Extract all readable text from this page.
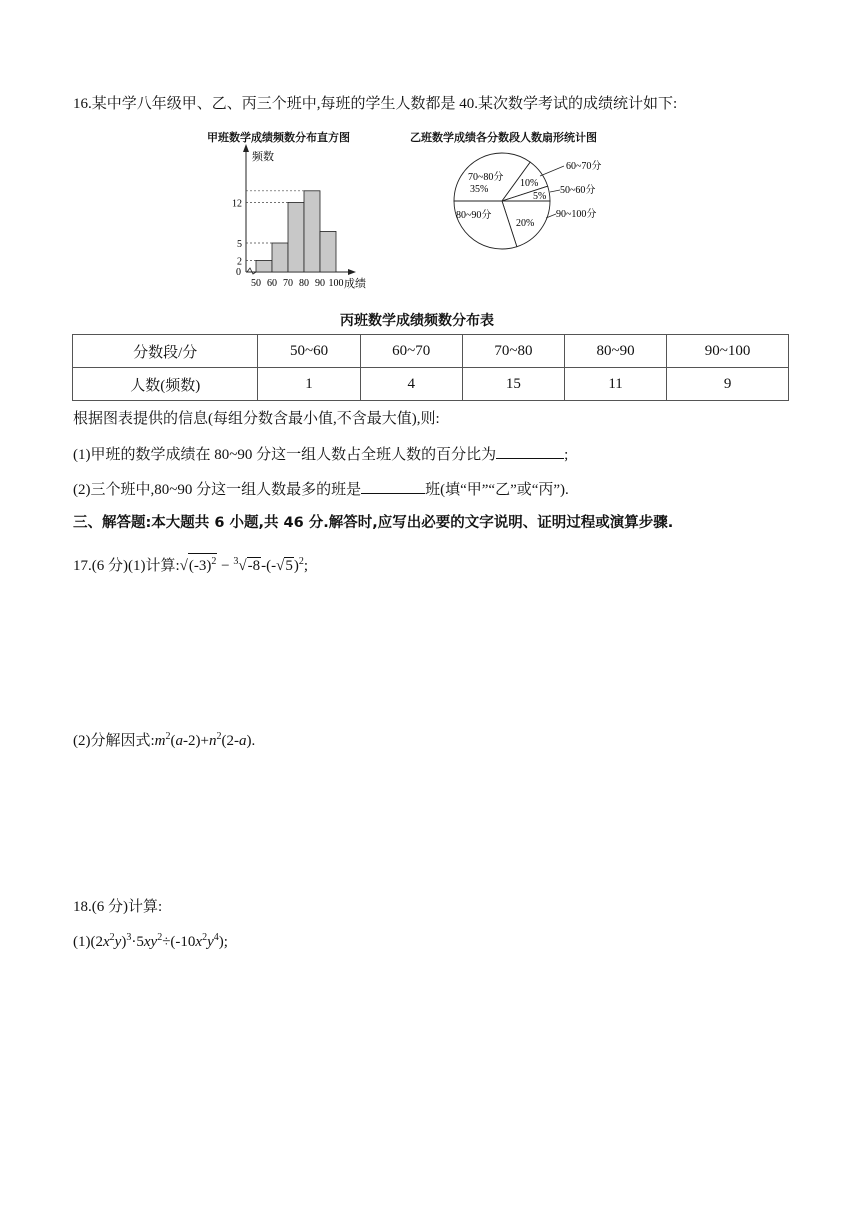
16.某中学八年级甲、乙、丙三个班中,每班的学生人数都是 40.某次数学考试的成绩统计如下:
甲班数学成绩频数分布直方图	乙班数学成绩各分数段人数扇形统计图
频数
成绩
2
5
12
0
50 60 70 80 90 100
70~80分
35%
10%
60~70分
5%
50~60分
20%
90~100分
80~90分
丙班数学成绩频数分布表
分数段/分	50~60	60~70	70~80	80~90	90~100
人数(频数)	1	4	15	11	9
根据图表提供的信息(每组分数含最小值,不含最大值),则:
(1)甲班的数学成绩在 80~90 分这一组人数占全班人数的百分比为	;
(2)三个班中,80~90 分这一组人数最多的班是	班(填“甲”“乙”或“丙”).
三、解答题:本大题共 6 小题,共 46 分.解答时,应写出必要的文字说明、证明过程或演算步骤.
17.(6 分)(1)计算$:√(-3)^2 - ^3√-8-(-√5)^2$;
(2)分解因式$:m^2(a-2)+n^2(2-a)$.
18.(6 分)计算:
$(1)(2x^2y)^3\cdot 5xy^2\div(-10x^2y^4)$;
